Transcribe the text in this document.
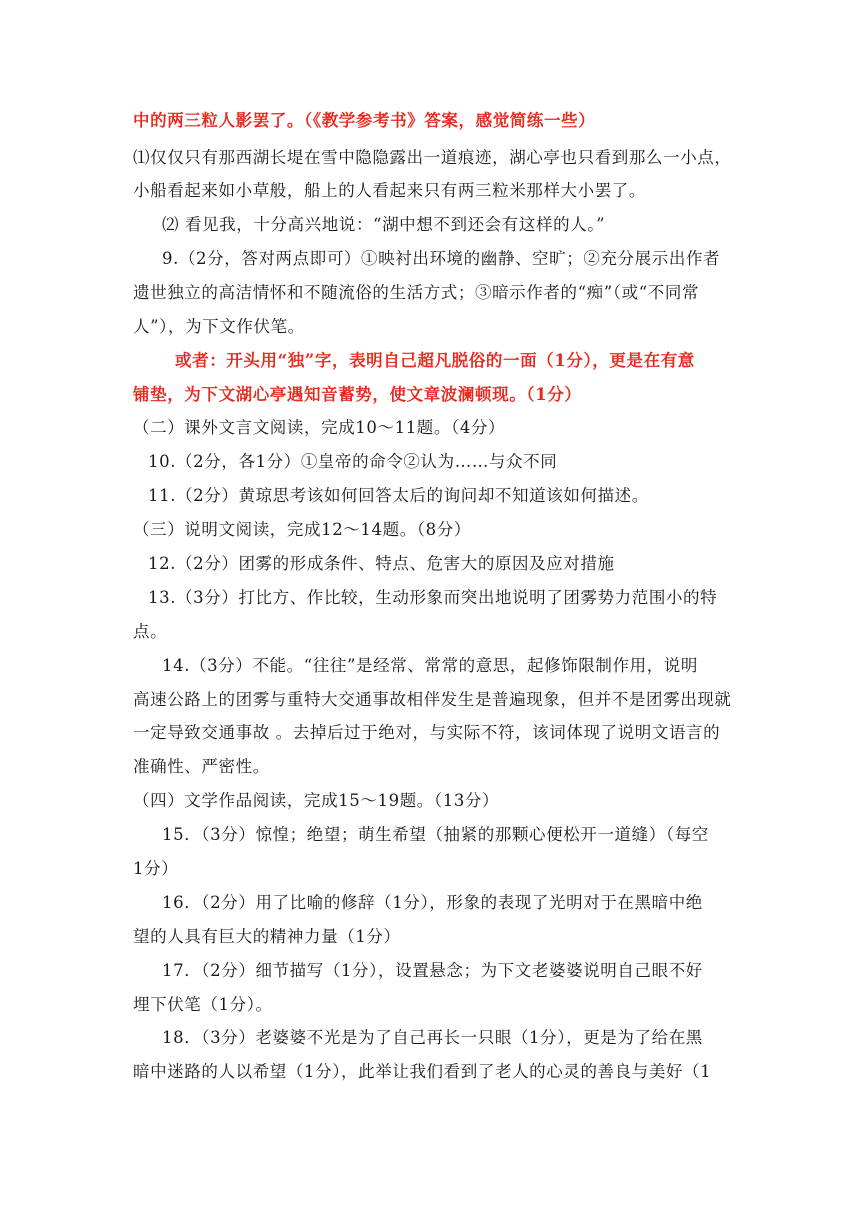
中的两三粒人影罢了。（《教学参考书》答案，感觉简练一些）
⑴仅仅只有那西湖长堤在雪中隐隐露出一道痕迹，湖心亭也只看到那么一小点，
小船看起来如小草般，船上的人看起来只有两三粒米那样大小罢了。
⑵ 看见我，十分高兴地说：“湖中想不到还会有这样的人。”
9.（2分，答对两点即可）①映衬出环境的幽静、空旷；②充分展示出作者
遗世独立的高洁情怀和不随流俗的生活方式；③暗示作者的“痴”（或“不同常
人”），为下文作伏笔。
或者：开头用“独”字，表明自己超凡脱俗的一面（1分），更是在有意
铺垫，为下文湖心亭遇知音蓄势，使文章波澜顿现。（1分）
（二）课外文言文阅读，完成10～11题。（4分）
10.（2分，各1分）①皇帝的命令②认为……与众不同
11.（2分）黄琼思考该如何回答太后的询问却不知道该如何描述。
（三）说明文阅读，完成12～14题。（8分）
12.（2分）团雾的形成条件、特点、危害大的原因及应对措施
13.（3分）打比方、作比较，生动形象而突出地说明了团雾势力范围小的特
点。
14.（3分）不能。“往往”是经常、常常的意思，起修饰限制作用，说明
高速公路上的团雾与重特大交通事故相伴发生是普遍现象，但并不是团雾出现就
一定导致交通事故 。去掉后过于绝对，与实际不符，该词体现了说明文语言的
准确性、严密性。
（四）文学作品阅读，完成15～19题。（13分）
15．（3分）惊惶；绝望；萌生希望（抽紧的那颗心便松开一道缝）（每空
1分）
16．（2分）用了比喻的修辞（1分），形象的表现了光明对于在黑暗中绝
望的人具有巨大的精神力量（1分）
17．（2分）细节描写（1分），设置悬念；为下文老婆婆说明自己眼不好
埋下伏笔（1分）。
18．（3分）老婆婆不光是为了自己再长一只眼（1分），更是为了给在黑
暗中迷路的人以希望（1分），此举让我们看到了老人的心灵的善良与美好（1
